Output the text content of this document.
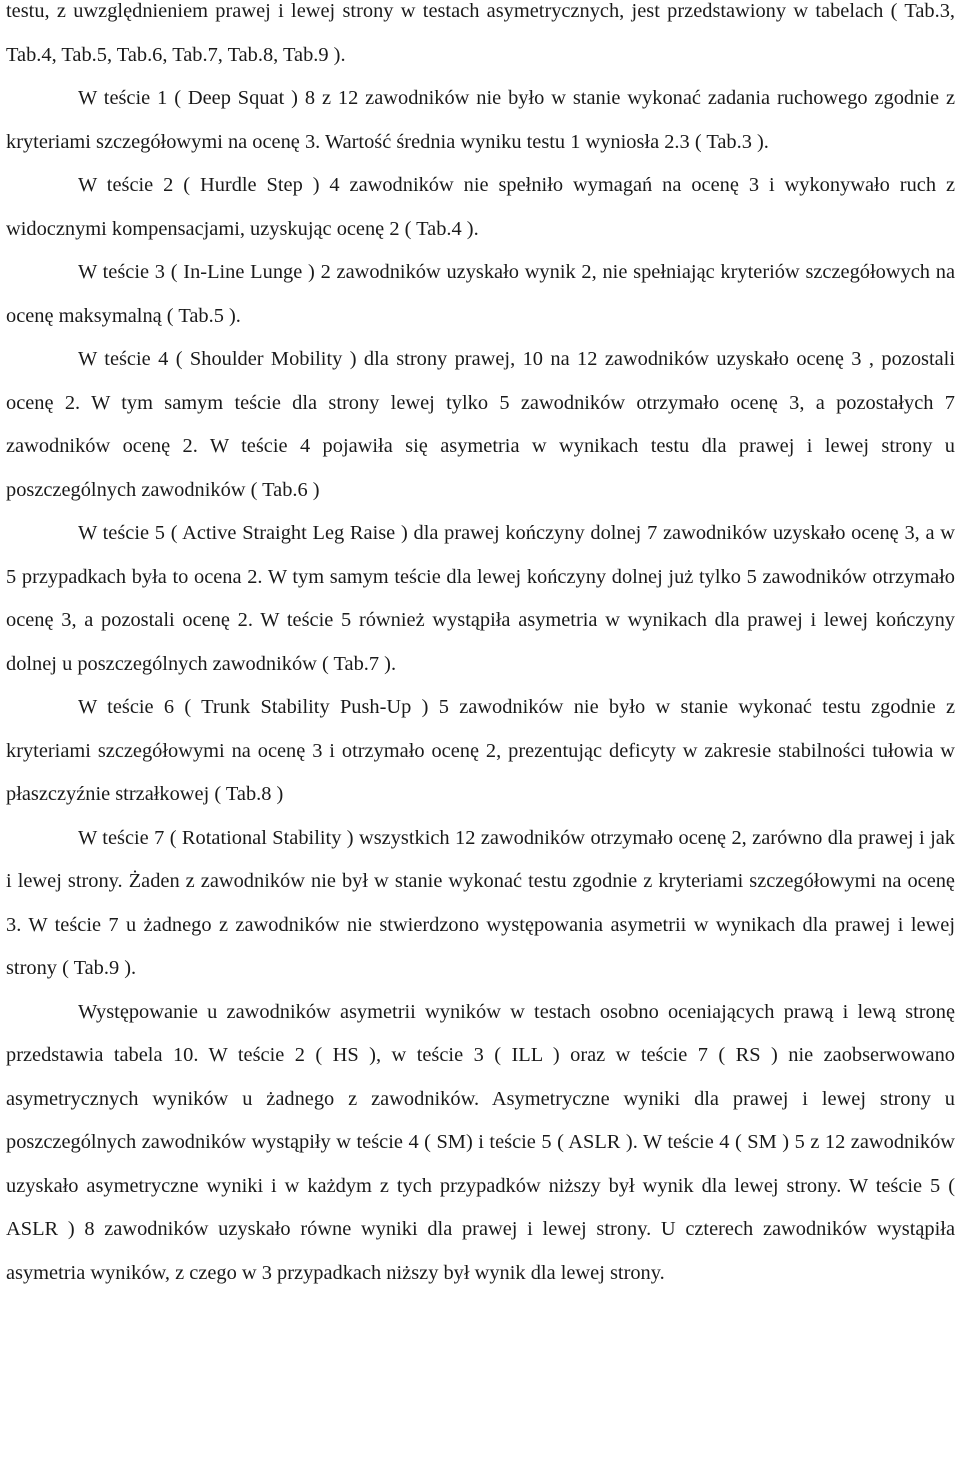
testu, z uwzględnieniem prawej i lewej strony w testach asymetrycznych, jest przedstawiony w tabelach ( Tab.3, Tab.4, Tab.5, Tab.6, Tab.7, Tab.8, Tab.9 ).

W teście 1 ( Deep Squat ) 8 z 12 zawodników nie było w stanie wykonać zadania ruchowego zgodnie z kryteriami szczegółowymi na ocenę 3. Wartość średnia wyniku testu 1 wyniosła 2.3 ( Tab.3 ).

W teście 2 ( Hurdle Step ) 4 zawodników nie spełniło wymagań na ocenę 3 i wykonywało ruch z widocznymi kompensacjami, uzyskując ocenę 2 ( Tab.4 ).

W teście 3 ( In-Line Lunge ) 2 zawodników uzyskało wynik 2, nie spełniając kryteriów szczegółowych na ocenę maksymalną ( Tab.5 ).

W teście 4 ( Shoulder Mobility ) dla strony prawej, 10 na 12 zawodników uzyskało ocenę 3 , pozostali ocenę 2. W tym samym teście dla strony lewej tylko 5 zawodników otrzymało ocenę 3, a pozostałych 7 zawodników ocenę 2. W teście 4 pojawiła się asymetria w wynikach testu dla prawej i lewej strony u poszczególnych zawodników ( Tab.6 )

W teście 5 ( Active Straight Leg Raise ) dla prawej kończyny dolnej 7 zawodników uzyskało ocenę 3, a w 5 przypadkach była to ocena 2. W tym samym teście dla lewej kończyny dolnej już tylko 5 zawodników otrzymało ocenę 3, a pozostali ocenę 2. W teście 5 również wystąpiła asymetria w wynikach dla prawej i lewej kończyny dolnej u poszczególnych zawodników ( Tab.7 ).

W teście 6 ( Trunk Stability Push-Up ) 5 zawodników nie było w stanie wykonać testu zgodnie z kryteriami szczegółowymi na ocenę 3 i otrzymało ocenę 2, prezentując deficyty w zakresie stabilności tułowia w płaszczyźnie strzałkowej ( Tab.8 )

W teście 7 ( Rotational Stability ) wszystkich 12 zawodników otrzymało ocenę 2, zarówno dla prawej i jak i lewej strony. Żaden z zawodników nie był w stanie wykonać testu zgodnie z kryteriami szczegółowymi na ocenę 3. W teście 7 u żadnego z zawodników nie stwierdzono występowania asymetrii w wynikach dla prawej i lewej strony ( Tab.9 ).

Występowanie u zawodników asymetrii wyników w testach osobno oceniających prawą i lewą stronę przedstawia tabela 10. W teście 2 ( HS ), w teście 3 ( ILL ) oraz w teście 7 ( RS ) nie zaobserwowano asymetrycznych wyników u żadnego z zawodników. Asymetryczne wyniki dla prawej i lewej strony u poszczególnych zawodników wystąpiły w teście 4 ( SM) i teście 5 ( ASLR ). W teście 4 ( SM ) 5 z 12 zawodników uzyskało asymetryczne wyniki i w każdym z tych przypadków niższy był wynik dla lewej strony. W teście 5 ( ASLR ) 8 zawodników uzyskało równe wyniki dla prawej i lewej strony. U czterech zawodników wystąpiła asymetria wyników, z czego w 3 przypadkach niższy był wynik dla lewej strony.
